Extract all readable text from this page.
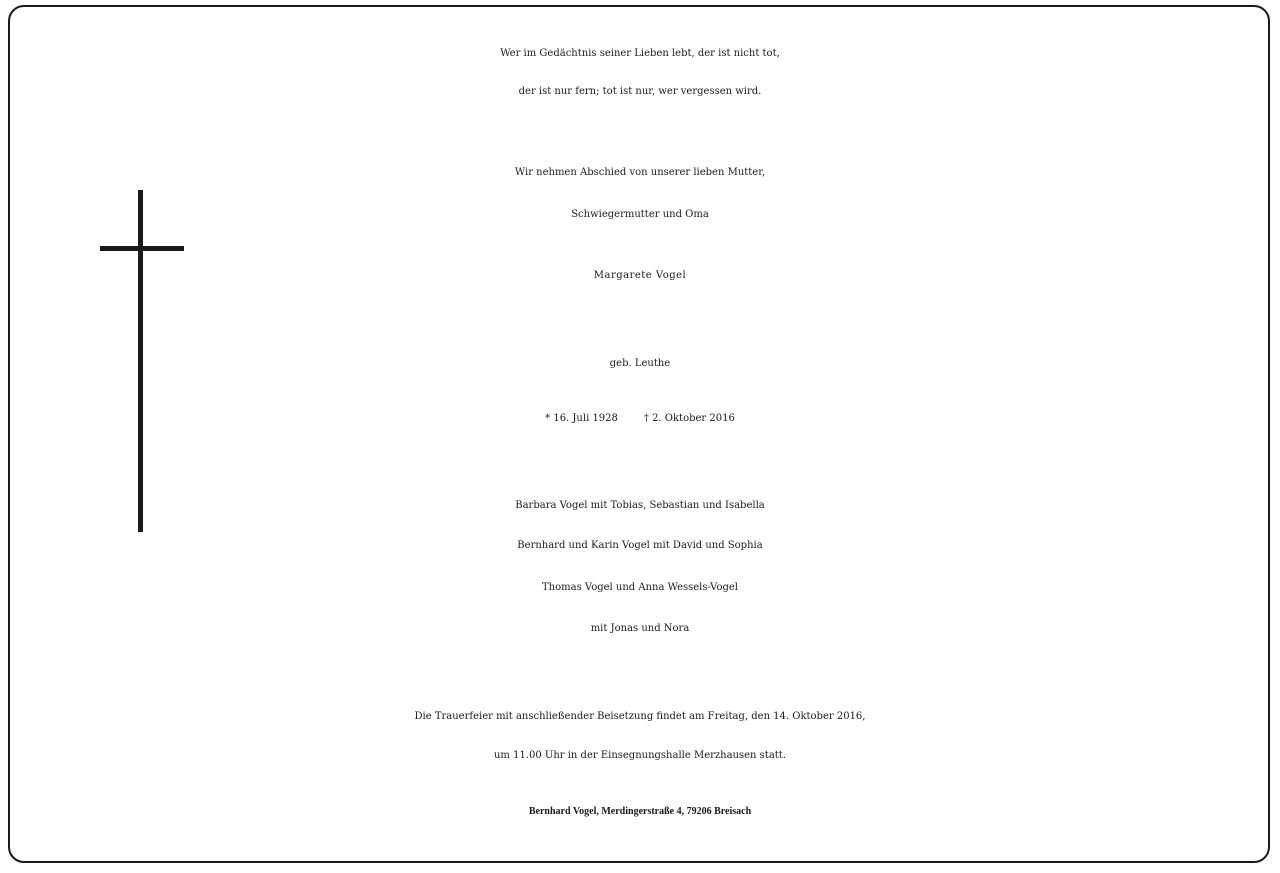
Wer im Gedächtnis seiner Lieben lebt, der ist nicht tot,
der ist nur fern; tot ist nur, wer vergessen wird.
Wir nehmen Abschied von unserer lieben Mutter,
Schwiegermutter und Oma
Margarete Vogel
geb. Leuthe
* 16. Juli 1928	† 2. Oktober 2016
Barbara Vogel mit Tobias, Sebastian und Isabella
Bernhard und Karin Vogel mit David und Sophia
Thomas Vogel und Anna Wessels-Vogel
mit Jonas und Nora
Die Trauerfeier mit anschließender Beisetzung findet am Freitag, den 14. Oktober 2016,
um 11.00 Uhr in der Einsegnungshalle Merzhausen statt.
Bernhard Vogel, Merdingerstraße 4, 79206 Breisach
